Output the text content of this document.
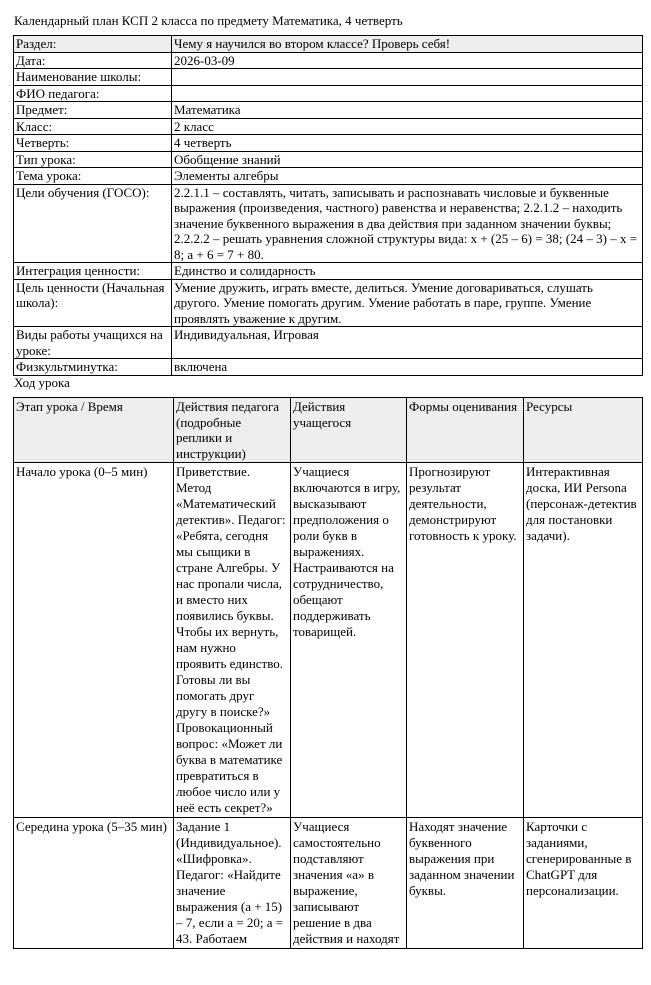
Календарный план КСП 2 класса по предмету Математика, 4 четверть
Раздел:	Чему я научился во втором классе? Проверь себя!
Дата:	2026-03-09
Наименование школы:	
ФИО педагога:	
Предмет:	Математика
Класс:	2 класс
Четверть:	4 четверть
Тип урока:	Обобщение знаний
Тема урока:	Элементы алгебры
Цели обучения (ГОСО):	2.2.1.1 – составлять, читать, записывать и распознавать числовые и буквенные выражения (произведения, частного) равенства и неравенства; 2.2.1.2 – находить значение буквенного выражения в два действия при заданном значении буквы; 2.2.2.2 – решать уравнения сложной структуры вида: x + (25 – 6) = 38; (24 – 3) – x = 8; a + 6 = 7 + 80.
Интеграция ценности:	Единство и солидарность
Цель ценности (Начальная школа):	Умение дружить, играть вместе, делиться. Умение договариваться, слушать другого. Умение помогать другим. Умение работать в паре, группе. Умение проявлять уважение к другим.
Виды работы учащихся на уроке:	Индивидуальная, Игровая
Физкультминутка:	включена
Ход урока
Этап урока / Время	Действия педагога (подробные реплики и инструкции)	Действия учащегося	Формы оценивания	Ресурсы
Начало урока (0–5 мин)	Приветствие. Метод «Математический детектив». Педагог: «Ребята, сегодня мы сыщики в стране Алгебры. У нас пропали числа, и вместо них появились буквы. Чтобы их вернуть, нам нужно проявить единство. Готовы ли вы помогать друг другу в поиске?» Провокационный вопрос: «Может ли буква в математике превратиться в любое число или у неё есть секрет?»	Учащиеся включаются в игру, высказывают предположения о роли букв в выражениях. Настраиваются на сотрудничество, обещают поддерживать товарищей.	Прогнозируют результат деятельности, демонстрируют готовность к уроку.	Интерактивная доска, ИИ Persona (персонаж-детектив для постановки задачи).
Середина урока (5–35 мин)	Задание 1 (Индивидуальное). «Шифровка». Педагог: «Найдите значение выражения (a + 15) – 7, если a = 20; a = 43. Работаем	Учащиеся самостоятельно подставляют значения «a» в выражение, записывают решение в два действия и находят	Находят значение буквенного выражения при заданном значении буквы.	Карточки с заданиями, сгенерированные в ChatGPT для персонализации.
